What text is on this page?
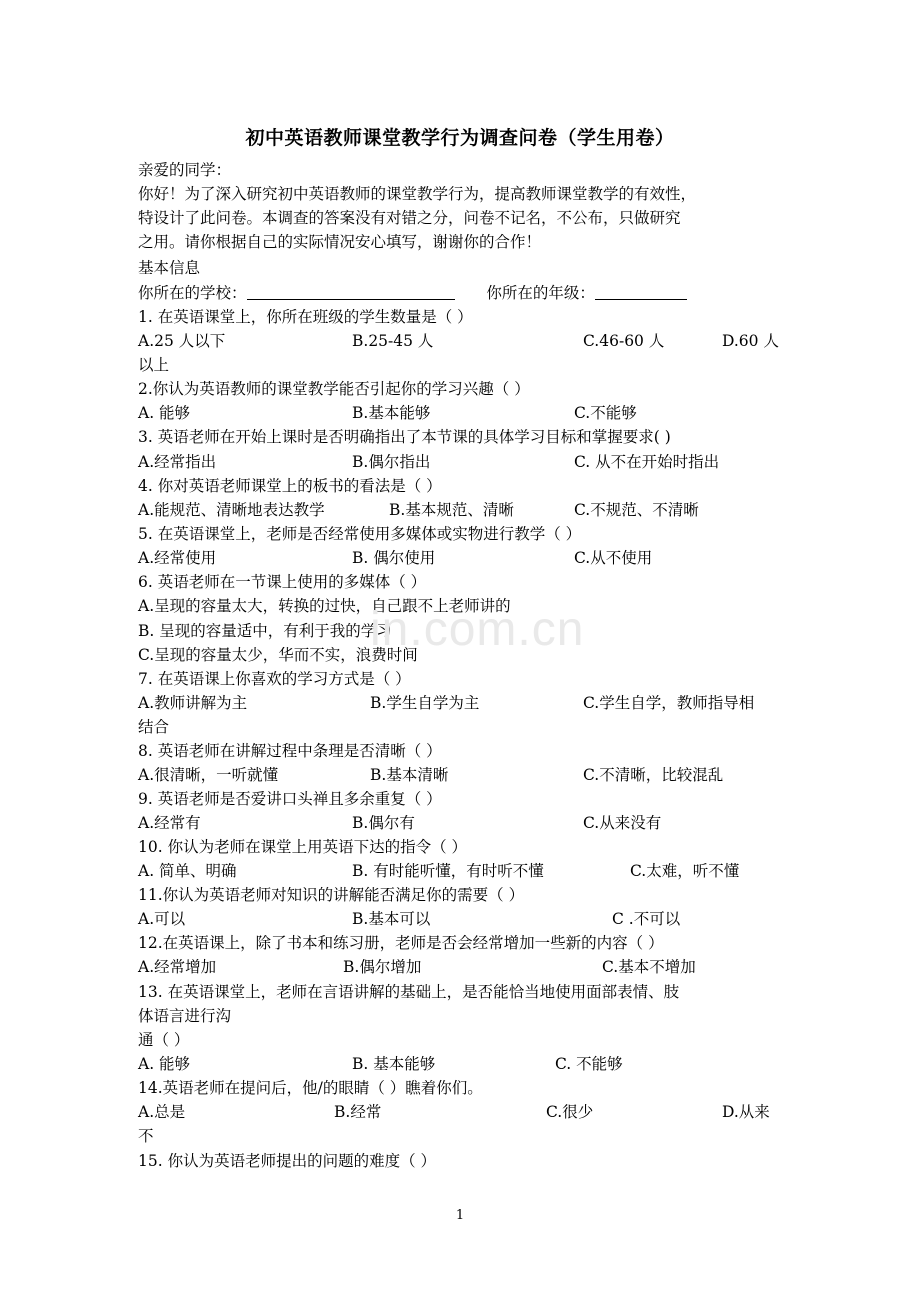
初中英语教师课堂教学行为调查问卷（学生用卷）
亲爱的同学：
你好！为了深入研究初中英语教师的课堂教学行为，提高教师课堂教学的有效性，
特设计了此问卷。本调查的答案没有对错之分，问卷不记名，不公布，只做研究
之用。请你根据自己的实际情况安心填写，谢谢你的合作！
基本信息
你所在的学校：	你所在的年级：
1. 在英语课堂上，你所在班级的学生数量是（ ）
A.25 人以下	B.25-45 人	C.46-60 人	D.60 人
以上
2.你认为英语教师的课堂教学能否引起你的学习兴趣（ ）
A. 能够	B.基本能够	C.不能够
3. 英语老师在开始上课时是否明确指出了本节课的具体学习目标和掌握要求( )
A.经常指出	B.偶尔指出	C. 从不在开始时指出
4. 你对英语老师课堂上的板书的看法是（ ）
A.能规范、清晰地表达教学	B.基本规范、清晰	C.不规范、不清晰
5. 在英语课堂上，老师是否经常使用多媒体或实物进行教学（ ）
A.经常使用	B. 偶尔使用	C.从不使用
6. 英语老师在一节课上使用的多媒体（ ）
A.呈现的容量太大，转换的过快，自己跟不上老师讲的
B. 呈现的容量适中，有利于我的学习
C.呈现的容量太少，华而不实，浪费时间
7. 在英语课上你喜欢的学习方式是（ ）
A.教师讲解为主	B.学生自学为主	C.学生自学，教师指导相
结合
8. 英语老师在讲解过程中条理是否清晰（ ）
A.很清晰，一听就懂	B.基本清晰	C.不清晰，比较混乱
9. 英语老师是否爱讲口头禅且多余重复（ ）
A.经常有	B.偶尔有	C.从来没有
10. 你认为老师在课堂上用英语下达的指令（ ）
A. 简单、明确	B. 有时能听懂，有时听不懂	C.太难，听不懂
11.你认为英语老师对知识的讲解能否满足你的需要（ ）
A.可以	B.基本可以	C .不可以
12.在英语课上，除了书本和练习册，老师是否会经常增加一些新的内容（ ）
A.经常增加	B.偶尔增加	C.基本不增加
13. 在英语课堂上，老师在言语讲解的基础上，是否能恰当地使用面部表情、肢
体语言进行沟
通（ ）
A. 能够	B. 基本能够	C. 不能够
14.英语老师在提问后，他/的眼睛（ ）瞧着你们。
A.总是	B.经常	C.很少	D.从来
不
15. 你认为英语老师提出的问题的难度（ ）
in.com.cn
1
